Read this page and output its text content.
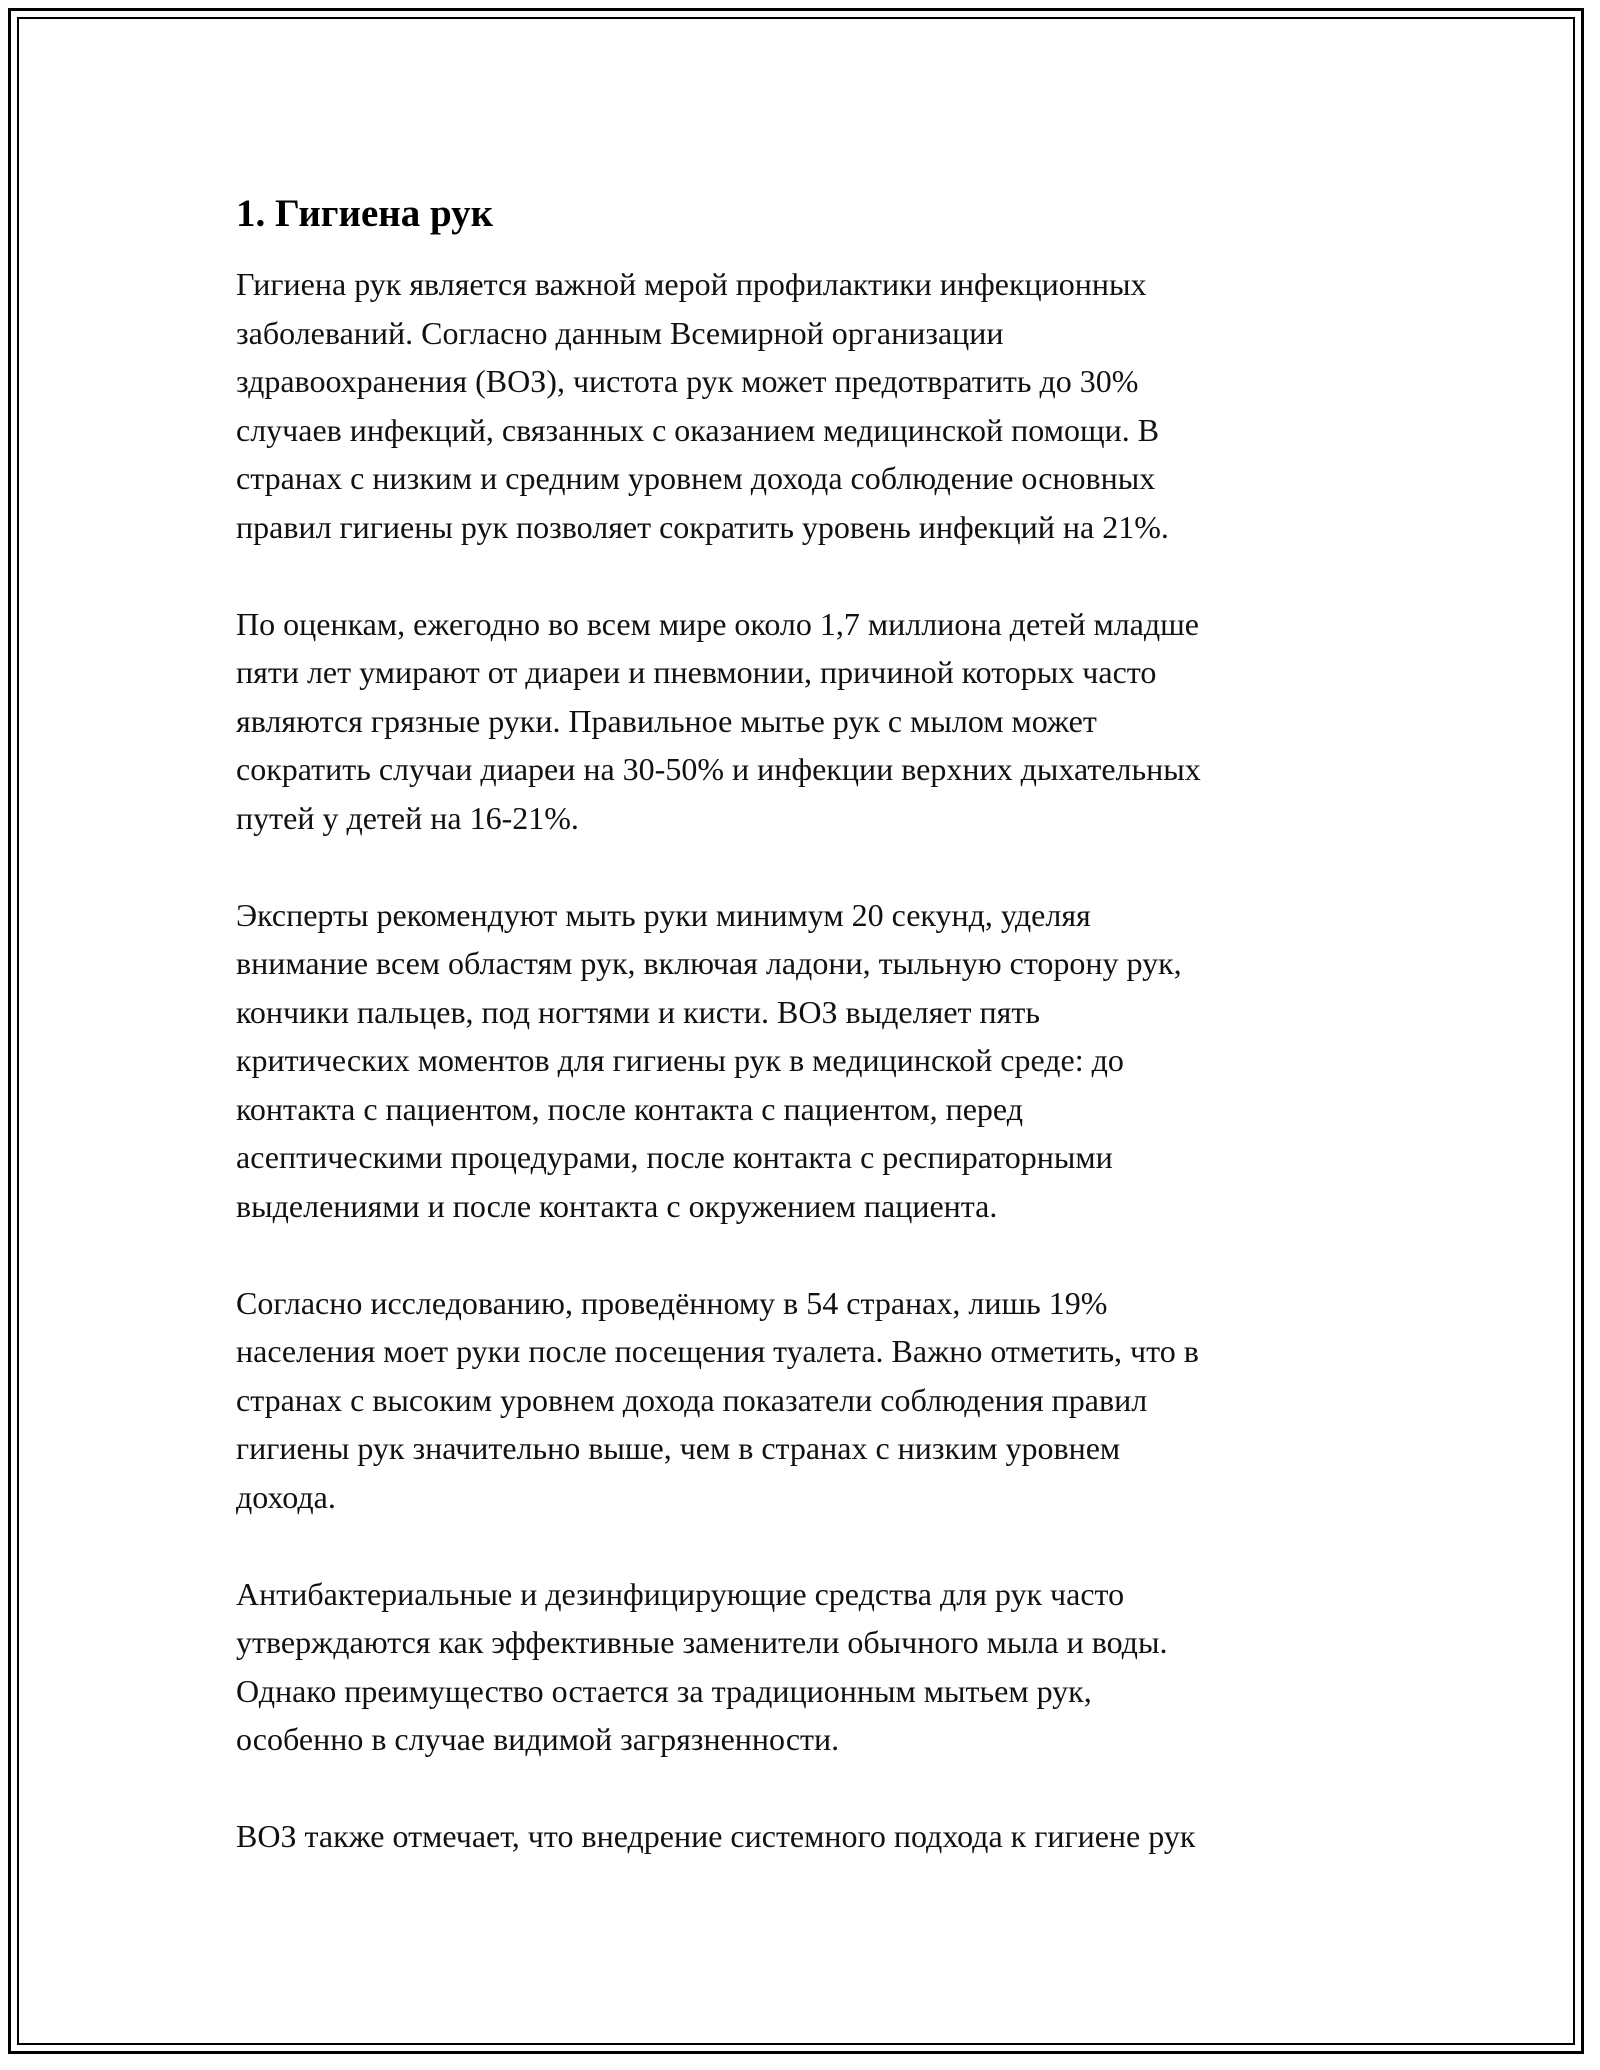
1. Гигиена рук

Гигиена рук является важной мерой профилактики инфекционных
заболеваний. Согласно данным Всемирной организации
здравоохранения (ВОЗ), чистота рук может предотвратить до 30%
случаев инфекций, связанных с оказанием медицинской помощи. В
странах с низким и средним уровнем дохода соблюдение основных
правил гигиены рук позволяет сократить уровень инфекций на 21%.

По оценкам, ежегодно во всем мире около 1,7 миллиона детей младше
пяти лет умирают от диареи и пневмонии, причиной которых часто
являются грязные руки. Правильное мытье рук с мылом может
сократить случаи диареи на 30-50% и инфекции верхних дыхательных
путей у детей на 16-21%.

Эксперты рекомендуют мыть руки минимум 20 секунд, уделяя
внимание всем областям рук, включая ладони, тыльную сторону рук,
кончики пальцев, под ногтями и кисти. ВОЗ выделяет пять
критических моментов для гигиены рук в медицинской среде: до
контакта с пациентом, после контакта с пациентом, перед
асептическими процедурами, после контакта с респираторными
выделениями и после контакта с окружением пациента.

Согласно исследованию, проведённому в 54 странах, лишь 19%
населения моет руки после посещения туалета. Важно отметить, что в
странах с высоким уровнем дохода показатели соблюдения правил
гигиены рук значительно выше, чем в странах с низким уровнем
дохода.

Антибактериальные и дезинфицирующие средства для рук часто
утверждаются как эффективные заменители обычного мыла и воды.
Однако преимущество остается за традиционным мытьем рук,
особенно в случае видимой загрязненности.

ВОЗ также отмечает, что внедрение системного подхода к гигиене рук
